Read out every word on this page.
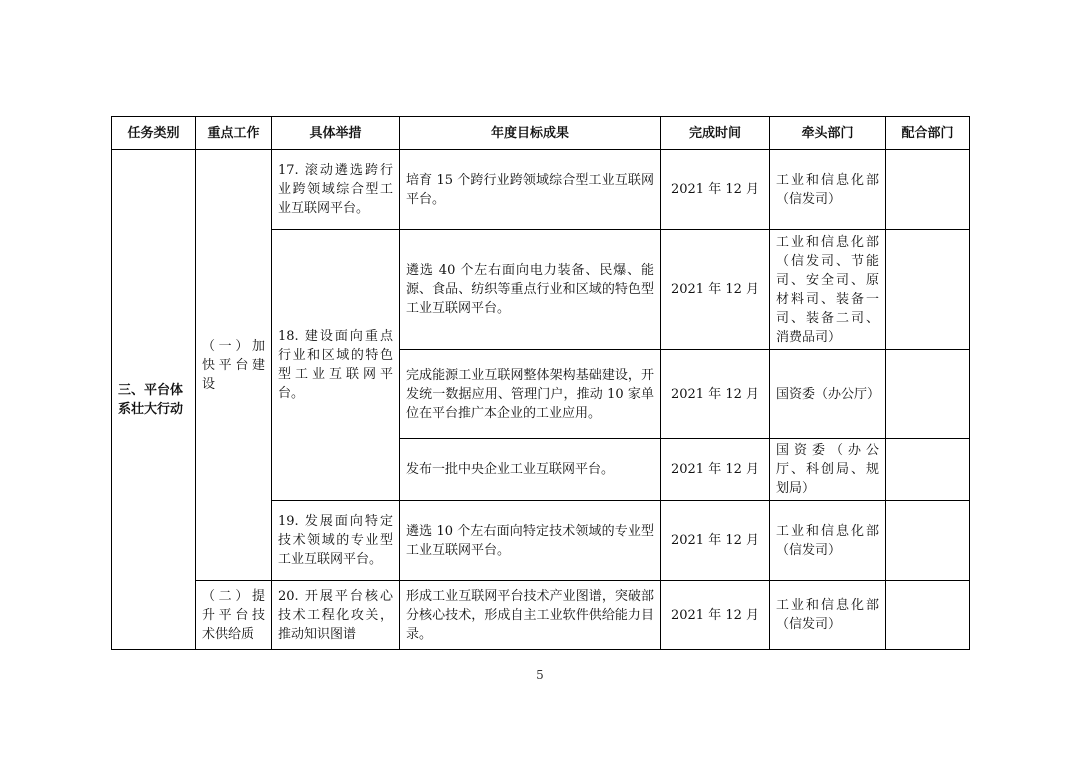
任务类别	重点工作	具体举措	年度目标成果	完成时间	牵头部门	配合部门
三、平台体系壮大行动	（一）加快平台建设	17. 滚动遴选跨行业跨领域综合型工业互联网平台。	培育 15 个跨行业跨领域综合型工业互联网平台。	2021 年 12 月	工业和信息化部（信发司）	
		18. 建设面向重点行业和区域的特色型工业互联网平台。	遴选 40 个左右面向电力装备、民爆、能源、食品、纺织等重点行业和区域的特色型工业互联网平台。	2021 年 12 月	工业和信息化部（信发司、节能司、安全司、原材料司、装备一司、装备二司、消费品司）	
			完成能源工业互联网整体架构基础建设，开发统一数据应用、管理门户，推动 10 家单位在平台推广本企业的工业应用。	2021 年 12 月	国资委（办公厅）	
			发布一批中央企业工业互联网平台。	2021 年 12 月	国资委（办公厅、科创局、规划局）	
		19. 发展面向特定技术领域的专业型工业互联网平台。	遴选 10 个左右面向特定技术领域的专业型工业互联网平台。	2021 年 12 月	工业和信息化部（信发司）	
	（二）提升平台技术供给质	20. 开展平台核心技术工程化攻关，推动知识图谱	形成工业互联网平台技术产业图谱，突破部分核心技术，形成自主工业软件供给能力目录。	2021 年 12 月	工业和信息化部（信发司）	
5
